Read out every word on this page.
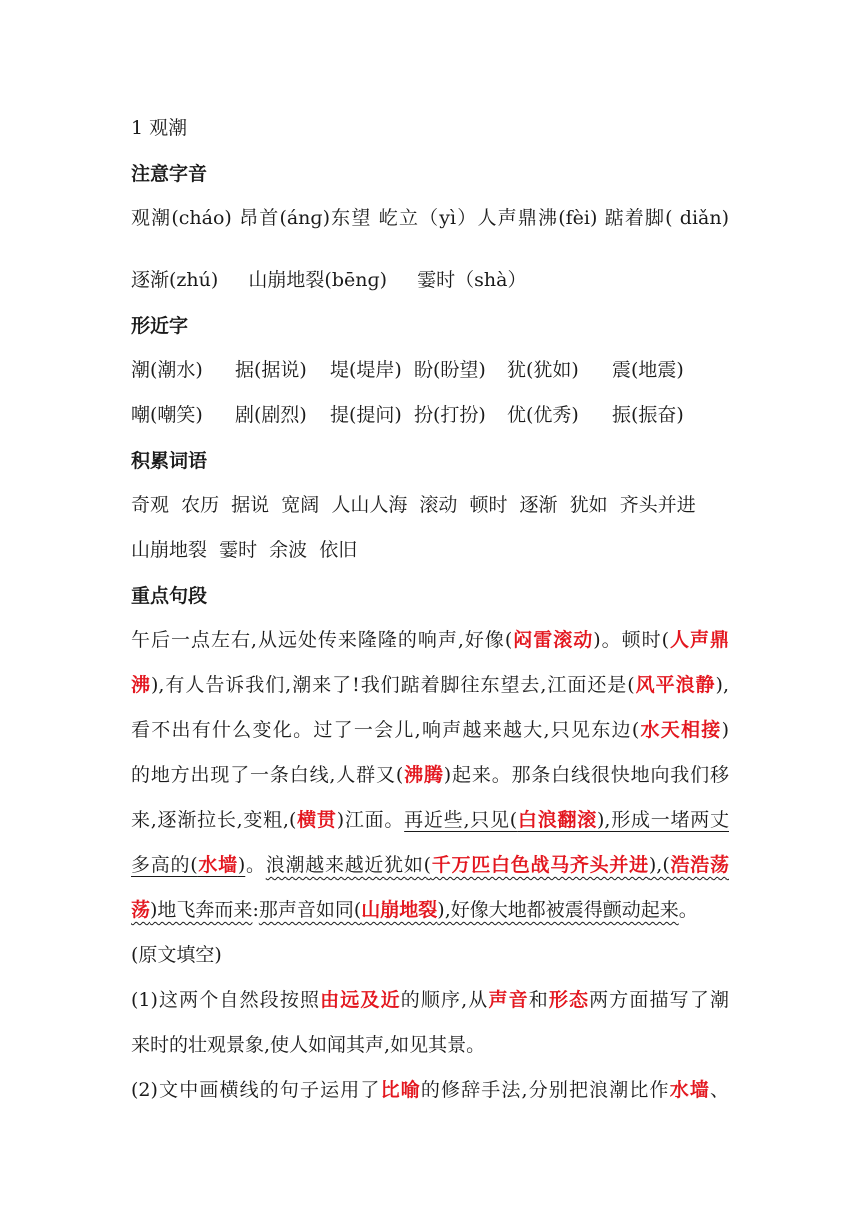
1 观潮
注意字音
观潮(cháo) 昂首(ánɡ)东望 屹立（yì）人声鼎沸(fèi) 踮着脚( diǎn)
逐渐(zhú) 山崩地裂(bēnɡ) 霎时（shà）
形近字
潮(潮水) 据(据说) 堤(堤岸) 盼(盼望) 犹(犹如) 震(地震)
嘲(嘲笑) 剧(剧烈) 提(提问) 扮(打扮) 优(优秀) 振(振奋)
积累词语
奇观  农历  据说  宽阔  人山人海  滚动  顿时  逐渐  犹如  齐头并进
山崩地裂  霎时  余波  依旧
重点句段
午后一点左右,从远处传来隆隆的响声,好像(闷雷滚动)。顿时(人声鼎
沸),有人告诉我们,潮来了!我们踮着脚往东望去,江面还是(风平浪静),
看不出有什么变化。过了一会儿,响声越来越大,只见东边(水天相接)
的地方出现了一条白线,人群又(沸腾)起来。那条白线很快地向我们移
来,逐渐拉长,变粗,(横贯)江面。再近些,只见(白浪翻滚),形成一堵两丈
多高的(水墙)。浪潮越来越近犹如(千万匹白色战马齐头并进),(浩浩荡
荡)地飞奔而来:那声音如同(山崩地裂),好像大地都被震得颤动起来。
(原文填空)
(1)这两个自然段按照由远及近的顺序,从声音和形态两方面描写了潮
来时的壮观景象,使人如闻其声,如见其景。
(2)文中画横线的句子运用了比喻的修辞手法,分别把浪潮比作水墙、
